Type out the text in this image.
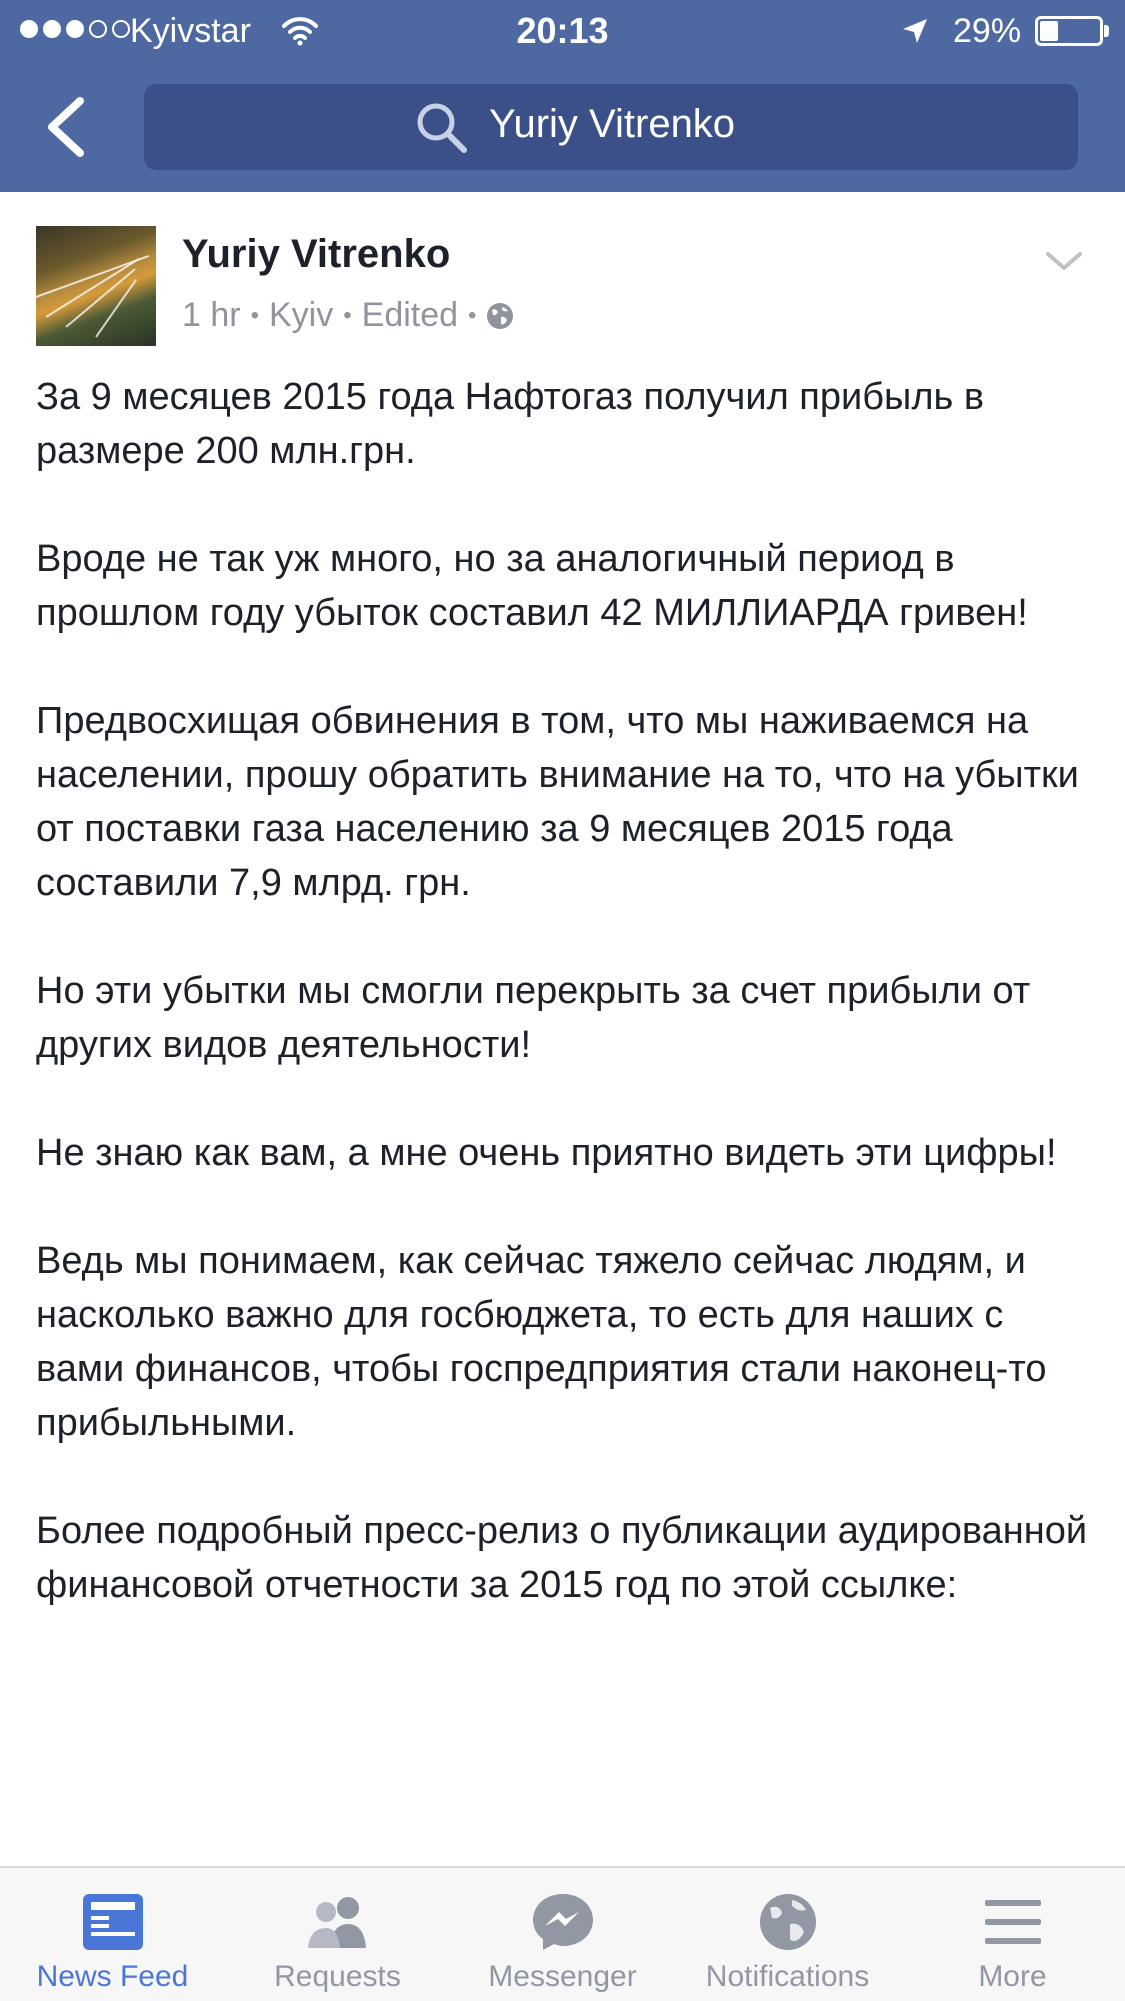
Kyivstar	20:13	29%
Yuriy Vitrenko
Yuriy Vitrenko
1 hr • Kyiv • Edited •

За 9 месяцев 2015 года Нафтогаз получил прибыль в размере 200 млн.грн.

Вроде не так уж много, но за аналогичный период в прошлом году убыток составил 42 МИЛЛИАРДА гривен!

Предвосхищая обвинения в том, что мы наживаемся на населении, прошу обратить внимание на то, что на убытки от поставки газа населению за 9 месяцев 2015 года составили 7,9 млрд. грн.

Но эти убытки мы смогли перекрыть за счет прибыли от других видов деятельности!

Не знаю как вам, а мне очень приятно видеть эти цифры!

Ведь мы понимаем, как сейчас тяжело сейчас людям, и насколько важно для госбюджета, то есть для наших с вами финансов, чтобы госпредприятия стали наконец-то прибыльными.

Более подробный пресс-релиз о публикации аудированной финансовой отчетности за 2015 год по этой ссылке:

News Feed	Requests	Messenger	Notifications	More
